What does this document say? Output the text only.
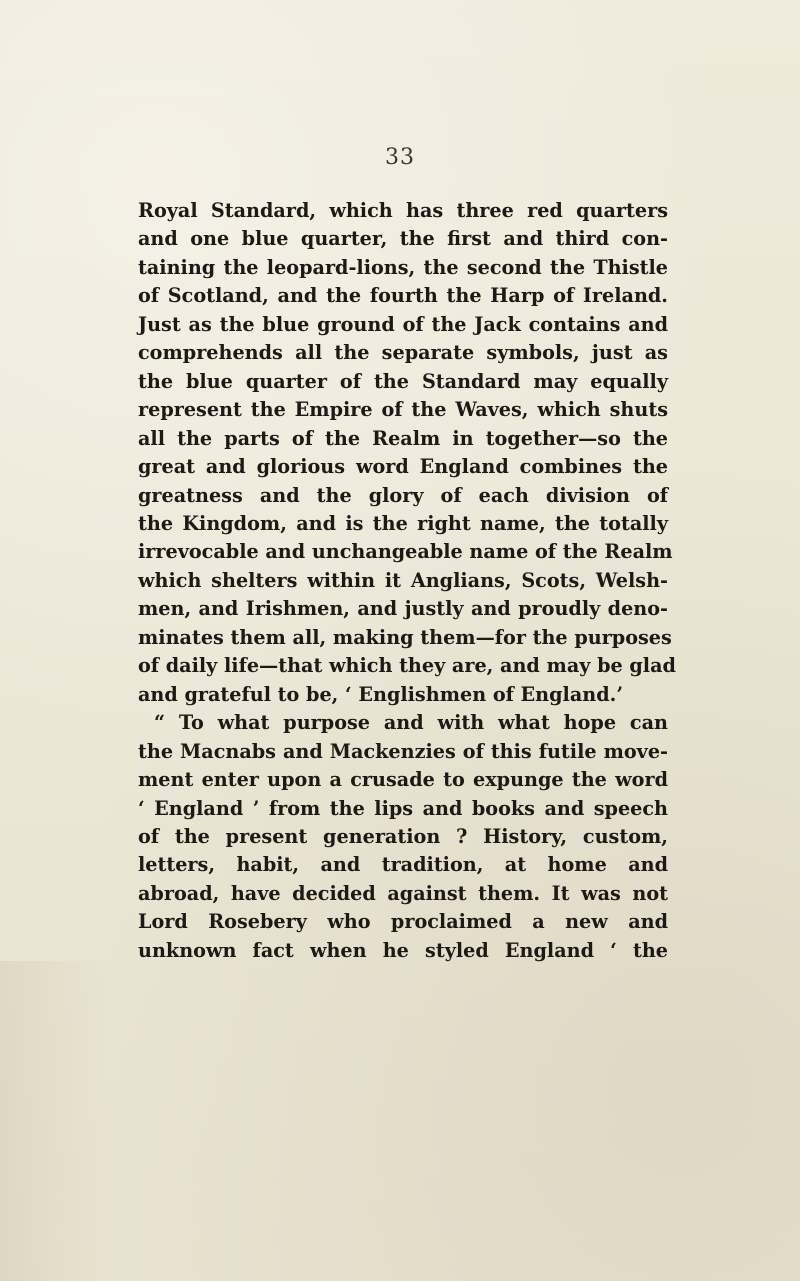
33
Royal Standard, which has three red quarters
and one blue quarter, the first and third con-
taining the leopard-lions, the second the Thistle
of Scotland, and the fourth the Harp of Ireland.
Just as the blue ground of the Jack contains and
comprehends all the separate symbols, just as
the blue quarter of the Standard may equally
represent the Empire of the Waves, which shuts
all the parts of the Realm in together—so the
great and glorious word England combines the
greatness and the glory of each division of
the Kingdom, and is the right name, the totally
irrevocable and unchangeable name of the Realm
which shelters within it Anglians, Scots, Welsh-
men, and Irishmen, and justly and proudly deno-
minates them all, making them—for the purposes
of daily life—that which they are, and may be glad
and grateful to be, ‘ Englishmen of England.’
“ To what purpose and with what hope can
the Macnabs and Mackenzies of this futile move-
ment enter upon a crusade to expunge the word
‘ England ’ from the lips and books and speech
of the present generation ? History, custom,
letters, habit, and tradition, at home and
abroad, have decided against them. It was not
Lord Rosebery who proclaimed a new and
unknown fact when he styled England ‘ the
